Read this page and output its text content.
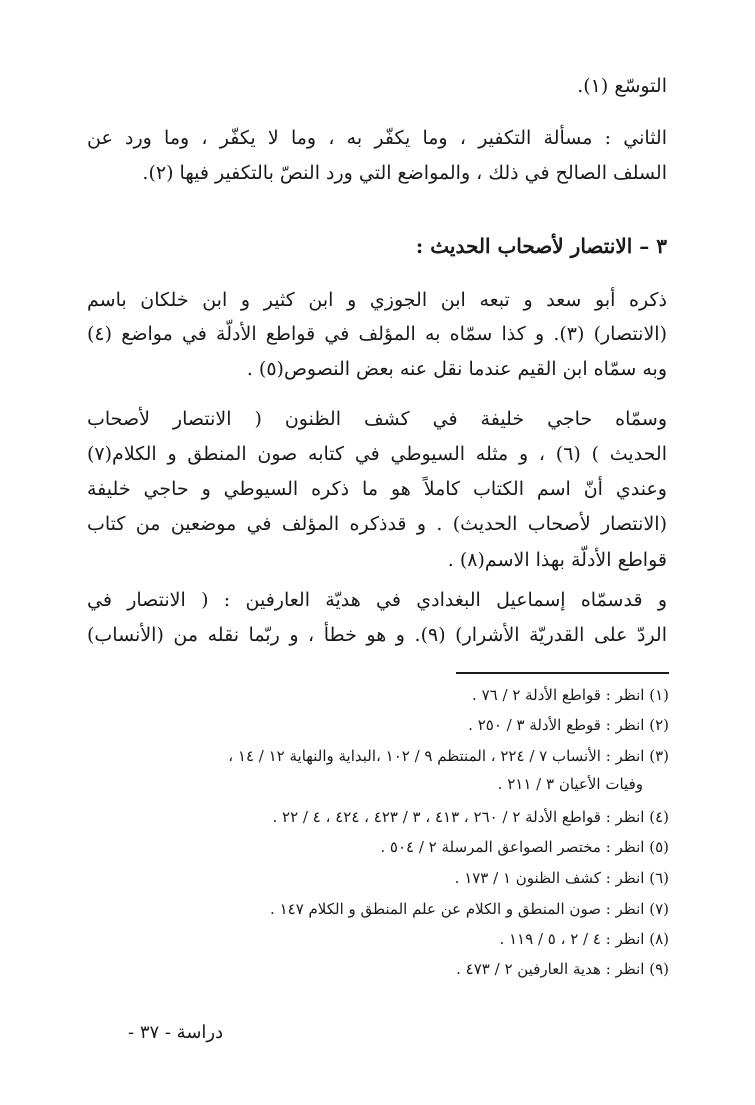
التوسّع (١).
الثاني : مسألة التكفير ، وما يكفّر به ، وما لا يكفّر ، وما ورد عن
السلف الصالح في ذلك ، والمواضع التي ورد النصّ بالتكفير فيها (٢).
٣ – الانتصار لأصحاب الحديث :
ذكره أبو سعد و تبعه ابن الجوزي و ابن كثير و ابن خلكان باسم
(الانتصار) (٣). و كذا سمّاه به المؤلف في قواطع الأدلّة في مواضع (٤)
وبه سمّاه ابن القيم عندما نقل عنه بعض النصوص(٥) .
وسمّاه حاجي خليفة في كشف الظنون ( الانتصار لأصحاب
الحديث ) (٦) ، و مثله السيوطي في كتابه صون المنطق و الكلام(٧)
وعندي أنّ اسم الكتاب كاملاً هو ما ذكره السيوطي و حاجي خليفة
(الانتصار لأصحاب الحديث) . و قدذكره المؤلف في موضعين من كتاب
قواطع الأدلّة بهذا الاسم(٨) .
و قدسمّاه إسماعيل البغدادي في هديّة العارفين : ( الانتصار في
الردّ على القدريّة الأشرار) (٩). و هو خطأ ، و ربّما نقله من (الأنساب)
(١) انظر : قواطع الأدلة ٢ / ٧٦ .
(٢) انظر : قوطع الأدلة ٣ / ٢٥٠ .
(٣) انظر : الأنساب ٧ / ٢٢٤ ، المنتظم ٩ / ١٠٢ ،البداية والنهاية ١٢ / ١٤ ،
وفيات الأعيان ٣ / ٢١١ .
(٤) انظر : قواطع الأدلة ٢ / ٢٦٠ ، ٤١٣ ، ٣ / ٤٢٣ ، ٤٢٤ ، ٤ / ٢٢ .
(٥) انظر : مختصر الصواعق المرسلة ٢ / ٥٠٤ .
(٦) انظر : كشف الظنون ١ / ١٧٣ .
(٧) انظر : صون المنطق و الكلام عن علم المنطق و الكلام ١٤٧ .
(٨) انظر : ٤ / ٢ ، ٥ / ١١٩ .
(٩) انظر : هدية العارفين ٢ / ٤٧٣ .
دراسة - ٣٧ -
